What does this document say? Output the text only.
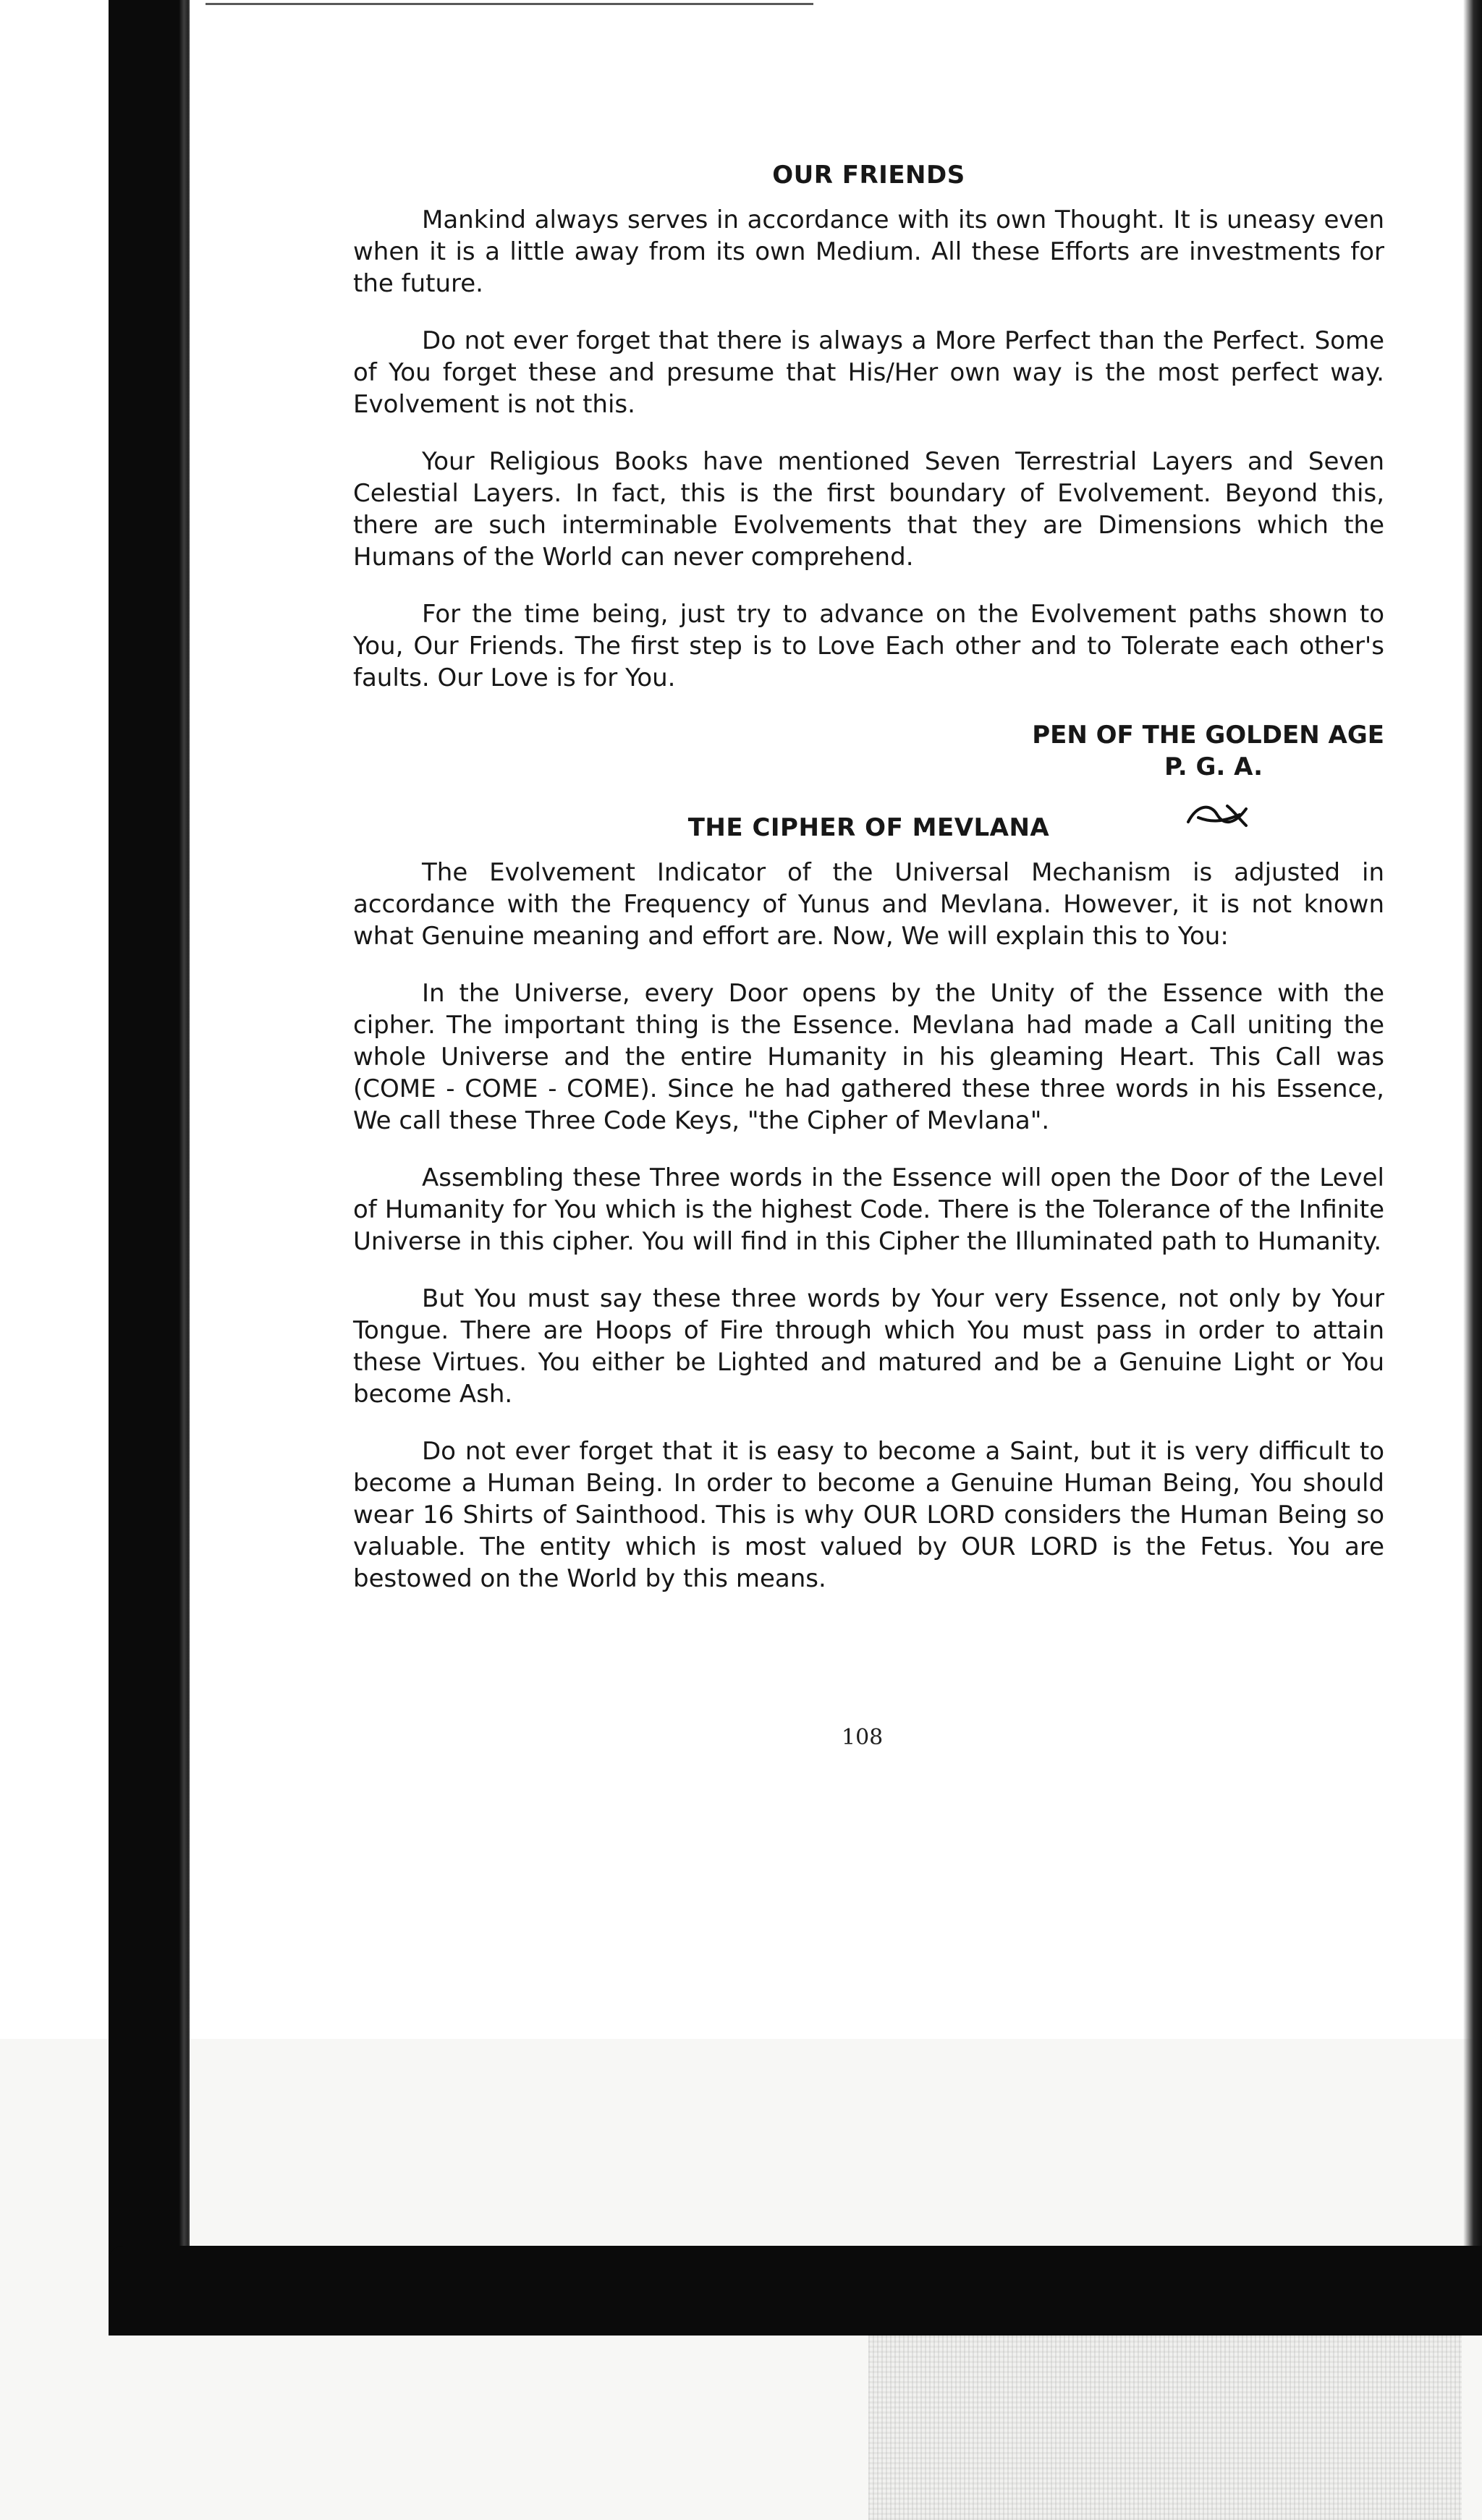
OUR FRIENDS

Mankind always serves in accordance with its own Thought. It is uneasy even when it is a little away from its own Medium. All these Efforts are investments for the future.

Do not ever forget that there is always a More Perfect than the Perfect. Some of You forget these and presume that His/Her own way is the most perfect way. Evolvement is not this.

Your Religious Books have mentioned Seven Terrestrial Layers and Seven Celestial Layers. In fact, this is the first boundary of Evolvement. Beyond this, there are such interminable Evolvements that they are Dimensions which the Humans of the World can never comprehend.

For the time being, just try to advance on the Evolvement paths shown to You, Our Friends. The first step is to Love Each other and to Tolerate each other's faults. Our Love is for You.

PEN OF THE GOLDEN AGE

P. G. A.
THE CIPHER OF MEVLANA

The Evolvement Indicator of the Universal Mechanism is adjusted in accordance with the Frequency of Yunus and Mevlana. However, it is not known what Genuine meaning and effort are. Now, We will explain this to You:

In the Universe, every Door opens by the Unity of the Essence with the cipher. The important thing is the Essence. Mevlana had made a Call uniting the whole Universe and the entire Humanity in his gleaming Heart. This Call was (COME - COME - COME). Since he had gathered these three words in his Essence, We call these Three Code Keys, "the Cipher of Mevlana".

Assembling these Three words in the Essence will open the Door of the Level of Humanity for You which is the highest Code. There is the Tolerance of the Infinite Universe in this cipher. You will find in this Cipher the Illuminated path to Humanity.

But You must say these three words by Your very Essence, not only by Your Tongue. There are Hoops of Fire through which You must pass in order to attain these Virtues. You either be Lighted and matured and be a Genuine Light or You become Ash.

Do not ever forget that it is easy to become a Saint, but it is very difficult to become a Human Being. In order to become a Genuine Human Being, You should wear 16 Shirts of Sainthood. This is why OUR LORD considers the Human Being so valuable. The entity which is most valued by OUR LORD is the Fetus. You are bestowed on the World by this means.

108
